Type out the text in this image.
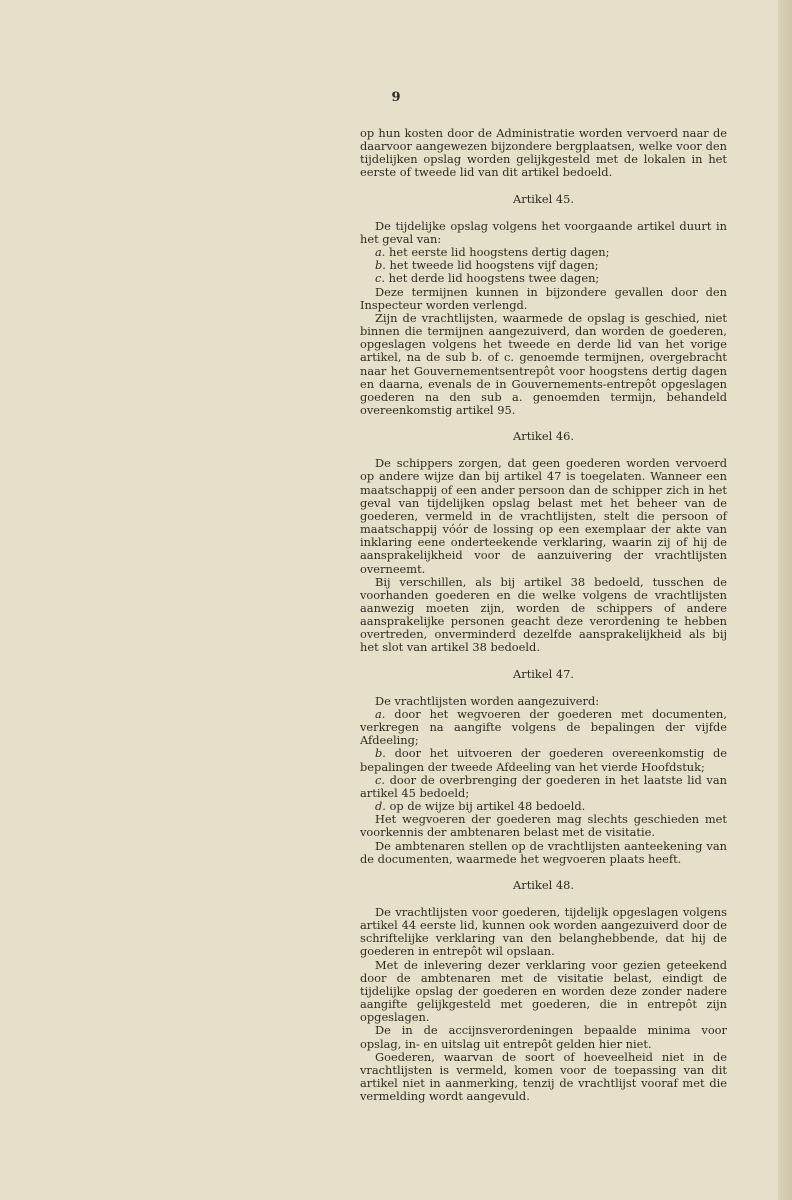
9

op hun kosten door de Administratie worden vervoerd naar de daarvoor aangewezen bijzondere bergplaatsen, welke voor den tijdelijken opslag worden gelijkgesteld met de lokalen in het eerste of tweede lid van dit artikel bedoeld.

Artikel 45.

De tijdelijke opslag volgens het voorgaande artikel duurt in het geval van:

a. het eerste lid hoogstens dertig dagen;

b. het tweede lid hoogstens vijf dagen;

c. het derde lid hoogstens twee dagen;

Deze termijnen kunnen in bijzondere gevallen door den Inspecteur worden verlengd.

Zijn de vrachtlijsten, waarmede de opslag is geschied, niet binnen die termijnen aangezuiverd, dan worden de goederen, opgeslagen volgens het tweede en derde lid van het vorige artikel, na de sub b. of c. genoemde termijnen, overgebracht naar het Gouvernementsentrepôt voor hoogstens dertig dagen en daarna, evenals de in Gouvernements-entrepôt opgeslagen goederen na den sub a. genoemden termijn, behandeld overeenkomstig artikel 95.

Artikel 46.

De schippers zorgen, dat geen goederen worden vervoerd op andere wijze dan bij artikel 47 is toegelaten. Wanneer een maatschappij of een ander persoon dan de schipper zich in het geval van tijdelijken opslag belast met het beheer van de goederen, vermeld in de vrachtlijsten, stelt die persoon of maatschappij vóór de lossing op een exemplaar der akte van inklaring eene onderteekende verklaring, waarin zij of hij de aansprakelijkheid voor de aanzuivering der vrachtlijsten overneemt.

Bij verschillen, als bij artikel 38 bedoeld, tusschen de voorhanden goederen en die welke volgens de vrachtlijsten aanwezig moeten zijn, worden de schippers of andere aansprakelijke personen geacht deze verordening te hebben overtreden, onverminderd dezelfde aansprakelijkheid als bij het slot van artikel 38 bedoeld.

Artikel 47.

De vrachtlijsten worden aangezuiverd:

a. door het wegvoeren der goederen met documenten, verkregen na aangifte volgens de bepalingen der vijfde Afdeeling;

b. door het uitvoeren der goederen overeenkomstig de bepalingen der tweede Afdeeling van het vierde Hoofdstuk;

c. door de overbrenging der goederen in het laatste lid van artikel 45 bedoeld;

d. op de wijze bij artikel 48 bedoeld.

Het wegvoeren der goederen mag slechts geschieden met voorkennis der ambtenaren belast met de visitatie.

De ambtenaren stellen op de vrachtlijsten aanteekening van de documenten, waarmede het wegvoeren plaats heeft.

Artikel 48.

De vrachtlijsten voor goederen, tijdelijk opgeslagen volgens artikel 44 eerste lid, kunnen ook worden aangezuiverd door de schriftelijke verklaring van den belanghebbende, dat hij de goederen in entrepôt wil opslaan.

Met de inlevering dezer verklaring voor gezien geteekend door de ambtenaren met de visitatie belast, eindigt de tijdelijke opslag der goederen en worden deze zonder nadere aangifte gelijkgesteld met goederen, die in entrepôt zijn opgeslagen.

De in de accijnsverordeningen bepaalde minima voor opslag, in- en uitslag uit entrepôt gelden hier niet.

Goederen, waarvan de soort of hoeveelheid niet in de vrachtlijsten is vermeld, komen voor de toepassing van dit artikel niet in aanmerking, tenzij de vrachtlijst vooraf met die vermelding wordt aangevuld.
